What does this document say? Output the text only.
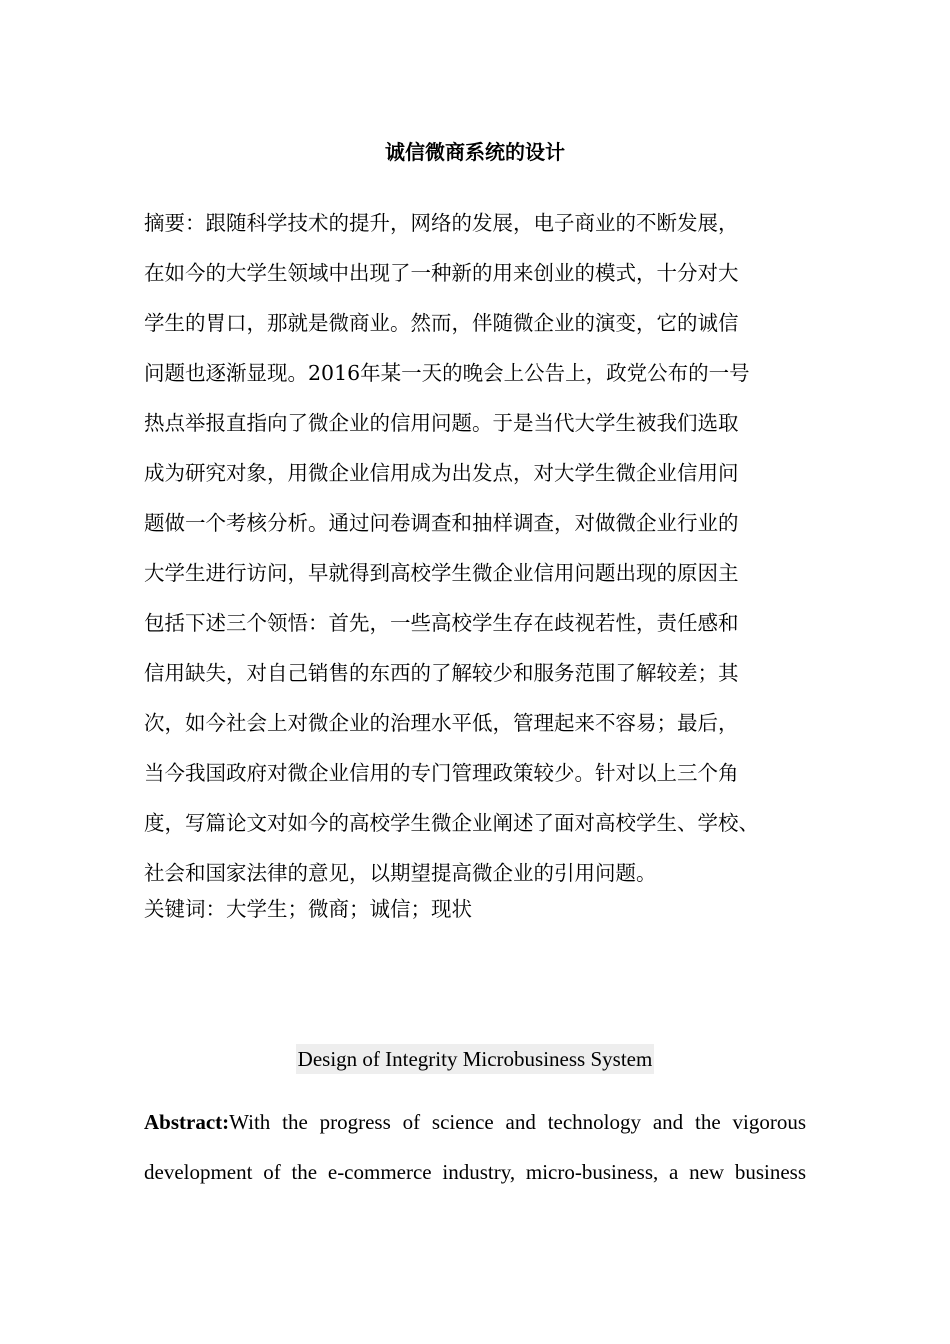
诚信微商系统的设计
摘要：跟随科学技术的提升，网络的发展，电子商业的不断发展，
在如今的大学生领域中出现了一种新的用来创业的模式，十分对大
学生的胃口，那就是微商业。然而，伴随微企业的演变，它的诚信
问题也逐渐显现。2016年某一天的晚会上公告上，政党公布的一号
热点举报直指向了微企业的信用问题。于是当代大学生被我们选取
成为研究对象，用微企业信用成为出发点，对大学生微企业信用问
题做一个考核分析。通过问卷调查和抽样调查，对做微企业行业的
大学生进行访问，早就得到高校学生微企业信用问题出现的原因主
包括下述三个领悟：首先，一些高校学生存在歧视若性，责任感和
信用缺失，对自己销售的东西的了解较少和服务范围了解较差；其
次，如今社会上对微企业的治理水平低，管理起来不容易；最后，
当今我国政府对微企业信用的专门管理政策较少。针对以上三个角
度，写篇论文对如今的高校学生微企业阐述了面对高校学生、学校、
社会和国家法律的意见，以期望提高微企业的引用问题。
关键词：大学生；微商；诚信；现状
Design of Integrity Microbusiness System
Abstract:With the progress of science and technology and the vigorous
development of the e-commerce industry, micro-business, a new business
